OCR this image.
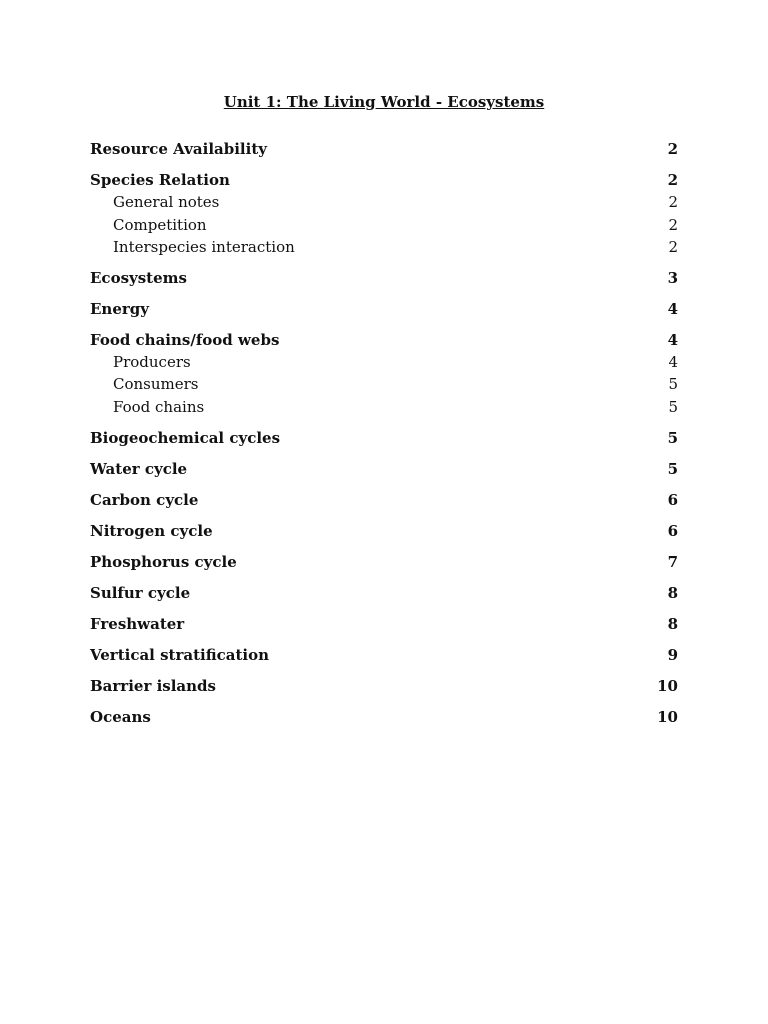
Unit 1: The Living World - Ecosystems
Resource Availability	2
Species Relation	2
General notes	2
Competition	2
Interspecies interaction	2
Ecosystems	3
Energy	4
Food chains/food webs	4
Producers	4
Consumers	5
Food chains	5
Biogeochemical cycles	5
Water cycle	5
Carbon cycle	6
Nitrogen cycle	6
Phosphorus cycle	7
Sulfur cycle	8
Freshwater	8
Vertical stratification	9
Barrier islands	10
Oceans	10
